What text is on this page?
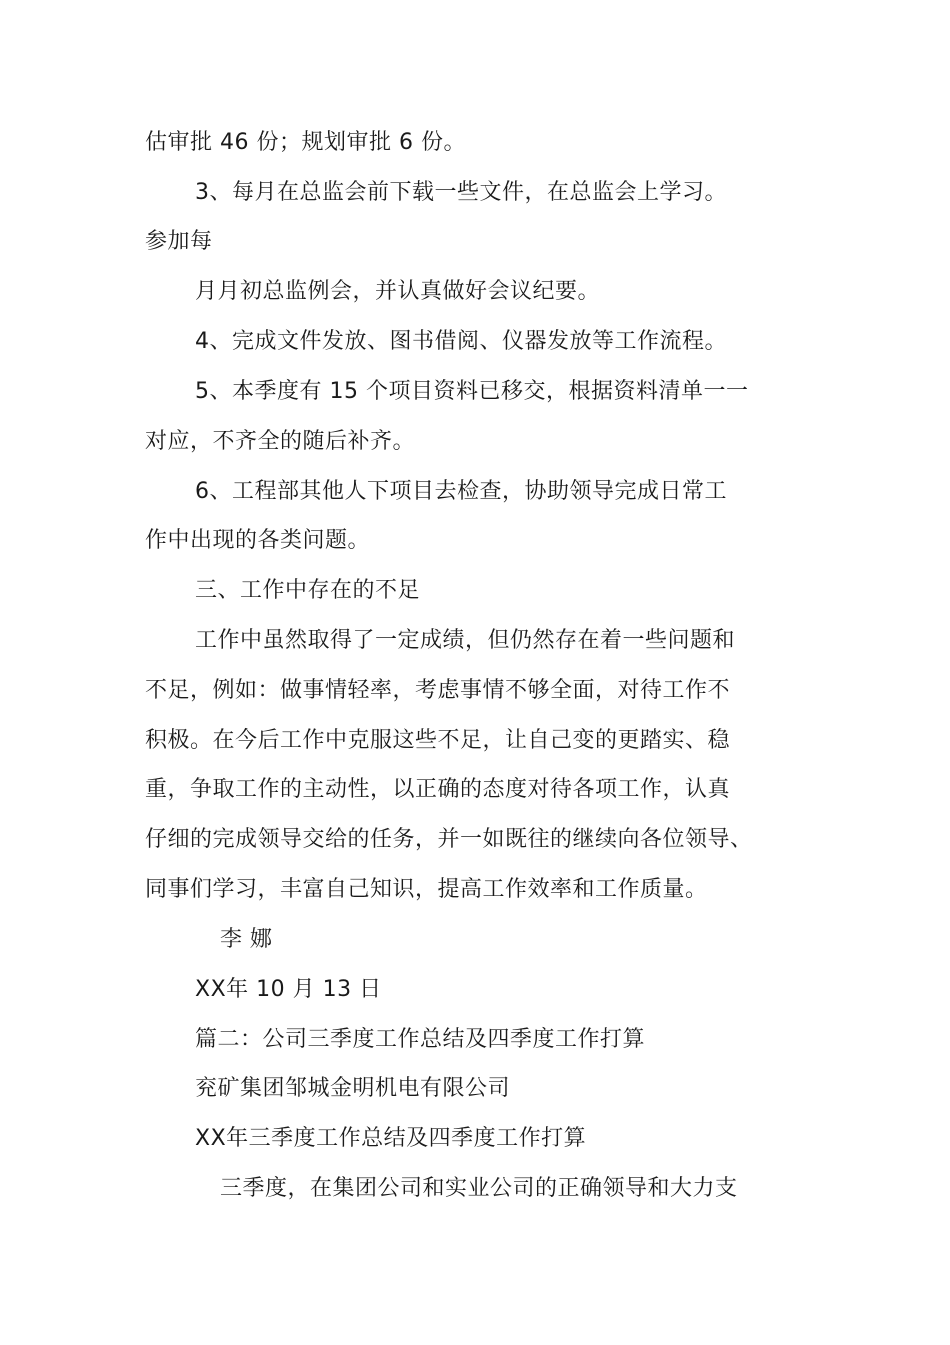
估审批 46 份；规划审批 6 份。
3、每月在总监会前下载一些文件，在总监会上学习。
参加每
月月初总监例会，并认真做好会议纪要。
4、完成文件发放、图书借阅、仪器发放等工作流程。
5、本季度有 15 个项目资料已移交，根据资料清单一一
对应，不齐全的随后补齐。
6、工程部其他人下项目去检查，协助领导完成日常工
作中出现的各类问题。
三、工作中存在的不足
工作中虽然取得了一定成绩，但仍然存在着一些问题和
不足，例如：做事情轻率，考虑事情不够全面，对待工作不
积极。在今后工作中克服这些不足，让自己变的更踏实、稳
重，争取工作的主动性，以正确的态度对待各项工作，认真
仔细的完成领导交给的任务，并一如既往的继续向各位领导、
同事们学习，丰富自己知识，提高工作效率和工作质量。
李 娜
XX年 10 月 13 日
篇二：公司三季度工作总结及四季度工作打算
兖矿集团邹城金明机电有限公司
XX年三季度工作总结及四季度工作打算
三季度，在集团公司和实业公司的正确领导和大力支
